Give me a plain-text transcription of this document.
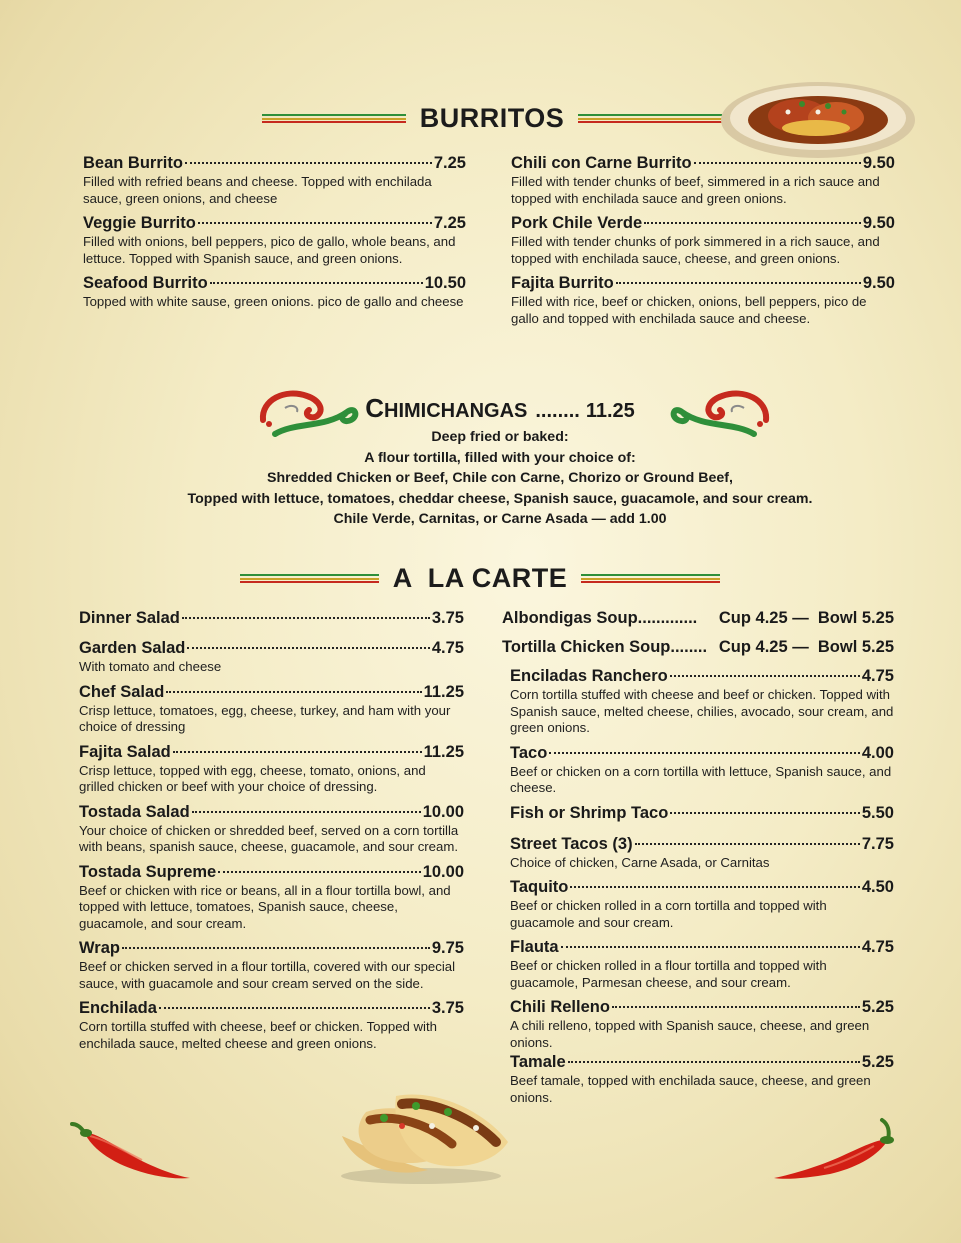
BURRITOS
Bean Burrito	7.25
Filled with refried beans and cheese. Topped with enchilada sauce, green onions, and cheese
Veggie Burrito	7.25
Filled with onions, bell peppers, pico de gallo, whole beans, and lettuce. Topped with Spanish sauce, and green onions.
Seafood Burrito	10.50
Topped with white sause, green onions. pico de gallo and cheese
Chili con Carne Burrito	9.50
Filled with tender chunks of beef, simmered in a rich sauce and topped with enchilada sauce and green onions.
Pork Chile Verde	9.50
Filled with tender chunks of pork simmered in a rich sauce, and topped with enchilada sauce, cheese, and green onions.
Fajita Burrito	9.50
Filled with rice, beef or chicken, onions, bell peppers, pico de gallo and topped with enchilada sauce and cheese.
C HIMICHANGAS ........ 11.25
Deep fried or baked:
A flour tortilla, filled with your choice of:
Shredded Chicken or Beef, Chile con Carne, Chorizo or Ground Beef,
Topped with lettuce, tomatoes, cheddar cheese, Spanish sauce, guacamole, and sour cream.
Chile Verde, Carnitas, or Carne Asada — add 1.00
A  LA CARTE
Dinner Salad	3.75
Garden Salad	4.75
With tomato and cheese
Chef Salad	11.25
Crisp lettuce, tomatoes, egg, cheese, turkey, and ham with your choice of dressing
Fajita Salad	11.25
Crisp lettuce, topped with egg, cheese, tomato, onions, and grilled chicken or beef with your choice of dressing.
Tostada Salad	10.00
Your choice of chicken or shredded beef, served on a corn tortilla with beans, spanish sauce, cheese, guacamole, and sour cream.
Tostada Supreme	10.00
Beef or chicken with rice or beans, all in a flour tortilla bowl, and topped with lettuce, tomatoes, Spanish sauce, cheese, guacamole, and sour cream.
Wrap	9.75
Beef or chicken served in a flour tortilla, covered with our special sauce, with guacamole and sour cream served on the side.
Enchilada	3.75
Corn tortilla stuffed with cheese, beef or chicken. Topped with enchilada sauce, melted cheese and green onions.
Albondigas Soup............. Cup 4.25 —  Bowl 5.25
Tortilla Chicken Soup........ Cup 4.25 —  Bowl 5.25
Enciladas Ranchero	4.75
Corn tortilla stuffed with cheese and beef or chicken. Topped with Spanish sauce, melted cheese, chilies, avocado, sour cream, and green onions.
Taco	4.00
Beef or chicken on a corn tortilla with lettuce, Spanish sauce, and cheese.
Fish or Shrimp Taco	5.50
Street Tacos (3)	7.75
Choice of chicken, Carne Asada, or Carnitas
Taquito	4.50
Beef or chicken rolled in a corn tortilla and topped with guacamole and sour cream.
Flauta	4.75
Beef or chicken rolled in a flour tortilla and topped with guacamole, Parmesan cheese, and sour cream.
Chili Relleno	5.25
A chili relleno, topped with Spanish sauce, cheese, and green onions.
Tamale	5.25
Beef tamale, topped with enchilada sauce, cheese, and green onions.
